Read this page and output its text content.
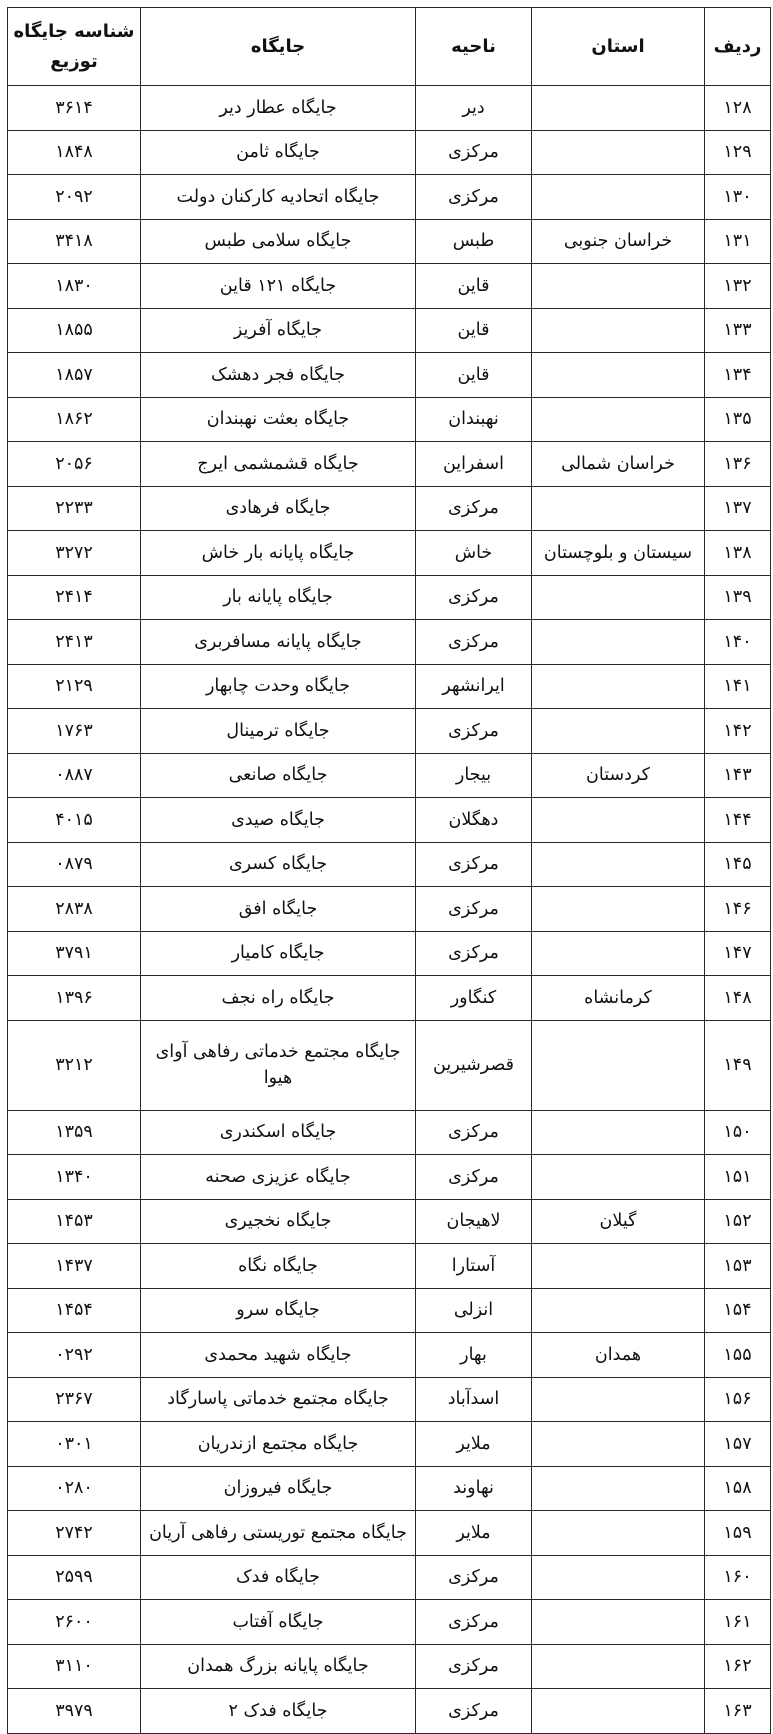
ردیف	استان	ناحیه	جایگاه	شناسه جایگاه توزیع
۱۲۸		دیر	جایگاه عطار دیر	۳۶۱۴
۱۲۹		مرکزی	جایگاه ثامن	۱۸۴۸
۱۳۰		مرکزی	جایگاه اتحادیه کارکنان دولت	۲۰۹۲
۱۳۱	خراسان جنوبی	طبس	جایگاه سلامی طبس	۳۴۱۸
۱۳۲		قاین	جایگاه ۱۲۱ قاین	۱۸۳۰
۱۳۳		قاین	جایگاه آفریز	۱۸۵۵
۱۳۴		قاین	جایگاه فجر دهشک	۱۸۵۷
۱۳۵		نهبندان	جایگاه بعثت نهبندان	۱۸۶۲
۱۳۶	خراسان شمالی	اسفراین	جایگاه قشمشمی ایرج	۲۰۵۶
۱۳۷		مرکزی	جایگاه فرهادی	۲۲۳۳
۱۳۸	سیستان و بلوچستان	خاش	جایگاه پایانه بار خاش	۳۲۷۲
۱۳۹		مرکزی	جایگاه پایانه بار	۲۴۱۴
۱۴۰		مرکزی	جایگاه پایانه مسافربری	۲۴۱۳
۱۴۱		ایرانشهر	جایگاه وحدت چابهار	۲۱۲۹
۱۴۲		مرکزی	جایگاه ترمینال	۱۷۶۳
۱۴۳	کردستان	بیجار	جایگاه صانعی	۰۸۸۷
۱۴۴		دهگلان	جایگاه صیدی	۴۰۱۵
۱۴۵		مرکزی	جایگاه کسری	۰۸۷۹
۱۴۶		مرکزی	جایگاه افق	۲۸۳۸
۱۴۷		مرکزی	جایگاه کامیار	۳۷۹۱
۱۴۸	کرمانشاه	کنگاور	جایگاه راه نجف	۱۳۹۶
۱۴۹		قصرشیرین	جایگاه مجتمع خدماتی رفاهی آوای هیوا	۳۲۱۲
۱۵۰		مرکزی	جایگاه اسکندری	۱۳۵۹
۱۵۱		مرکزی	جایگاه عزیزی صحنه	۱۳۴۰
۱۵۲	گیلان	لاهیجان	جایگاه نخجیری	۱۴۵۳
۱۵۳		آستارا	جایگاه نگاه	۱۴۳۷
۱۵۴		انزلی	جایگاه سرو	۱۴۵۴
۱۵۵	همدان	بهار	جایگاه شهید محمدی	۰۲۹۲
۱۵۶		اسدآباد	جایگاه مجتمع خدماتی پاسارگاد	۲۳۶۷
۱۵۷		ملایر	جایگاه مجتمع ازندریان	۰۳۰۱
۱۵۸		نهاوند	جایگاه فیروزان	۰۲۸۰
۱۵۹		ملایر	جایگاه مجتمع توریستی رفاهی آریان	۲۷۴۲
۱۶۰		مرکزی	جایگاه فدک	۲۵۹۹
۱۶۱		مرکزی	جایگاه آفتاب	۲۶۰۰
۱۶۲		مرکزی	جایگاه پایانه بزرگ همدان	۳۱۱۰
۱۶۳		مرکزی	جایگاه فدک ۲	۳۹۷۹
